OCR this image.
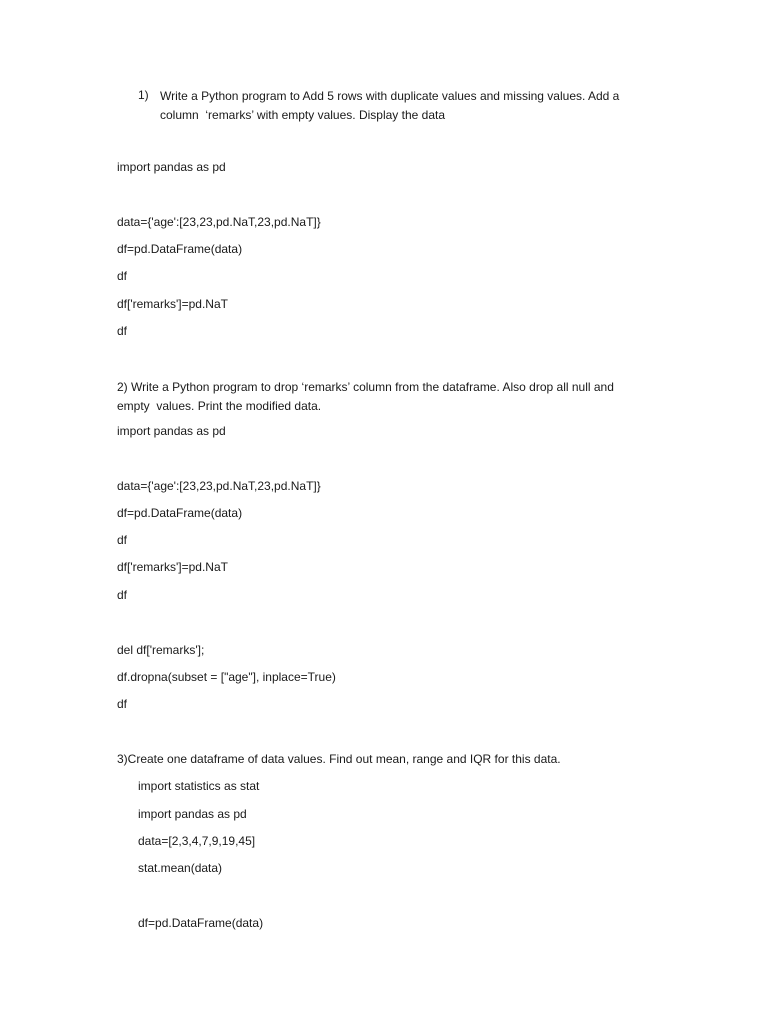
1) Write a Python program to Add 5 rows with duplicate values and missing values. Add a
column  ‘remarks’ with empty values. Display the data
import pandas as pd
data={'age':[23,23,pd.NaT,23,pd.NaT]}
df=pd.DataFrame(data)
df
df['remarks']=pd.NaT
df
2) Write a Python program to drop ‘remarks’ column from the dataframe. Also drop all null and
empty  values. Print the modified data.
import pandas as pd
data={'age':[23,23,pd.NaT,23,pd.NaT]}
df=pd.DataFrame(data)
df
df['remarks']=pd.NaT
df
del df['remarks'];
df.dropna(subset = ["age"], inplace=True)
df
3)Create one dataframe of data values. Find out mean, range and IQR for this data.
import statistics as stat
import pandas as pd
data=[2,3,4,7,9,19,45]
stat.mean(data)
df=pd.DataFrame(data)
